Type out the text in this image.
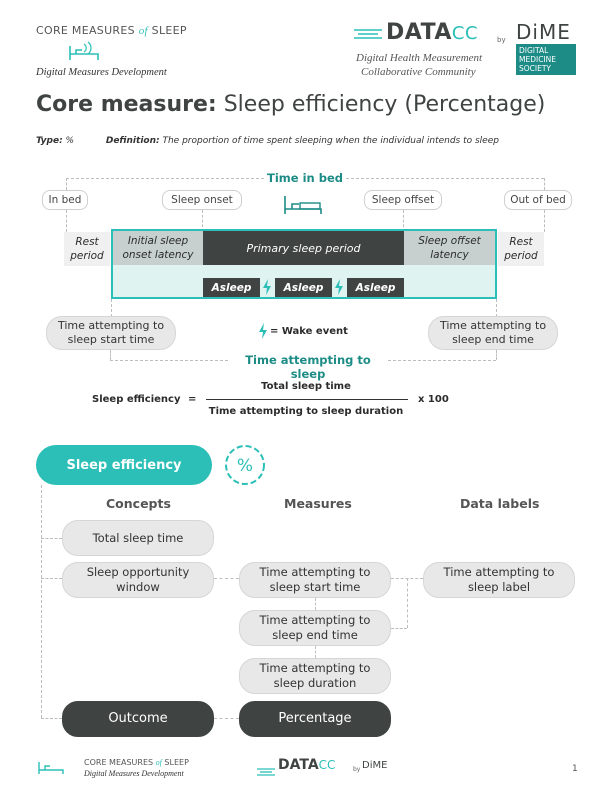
CORE MEASURES of SLEEP
Digital Measures Development
DATACC
Digital Health Measurement
Collaborative Community
by DiME
DIGITAL
MEDICINE
SOCIETY
Core measure: Sleep efficiency (Percentage)
Type: %	Definition: The proportion of time spent sleeping when the individual intends to sleep
Time in bed
In bed	Sleep onset	Sleep offset	Out of bed
Rest
period
Rest
period
Initial sleep
onset latency
Primary sleep period
Sleep offset
latency
Asleep	Asleep	Asleep
Time attempting to
sleep start time
= Wake event	Time attempting to
sleep end time
Time attempting to sleep
Sleep efficiency =
Total sleep time
Time attempting to sleep duration
x 100
Sleep efficiency	%
Concepts	Measures	Data labels
Total sleep time
Sleep opportunity
window
Time attempting to
sleep start time
Time attempting to
sleep end time
Time attempting to
sleep duration
Time attempting to
sleep label
Outcome	Percentage
CORE MEASURES of SLEEP
Digital Measures Development
DATACC	by DiME	1
